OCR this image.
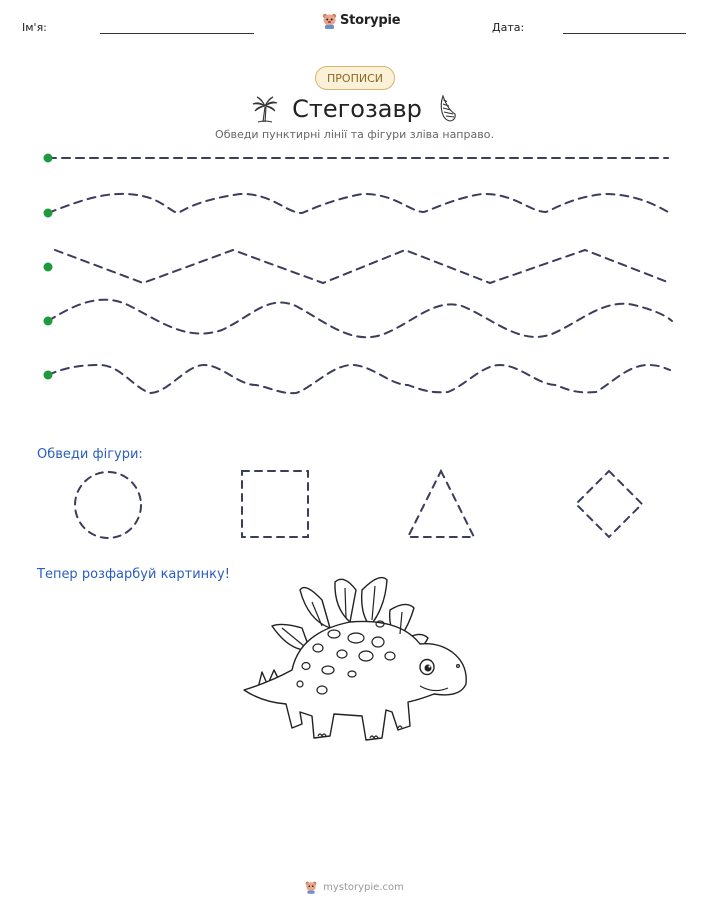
Ім'я:	Storypie	Дата:
ПРОПИСИ
Стегозавр
Обведи пунктирні лінії та фігури зліва направо.
Обведи фігури:
Тепер розфарбуй картинку!
mystorypie.com
